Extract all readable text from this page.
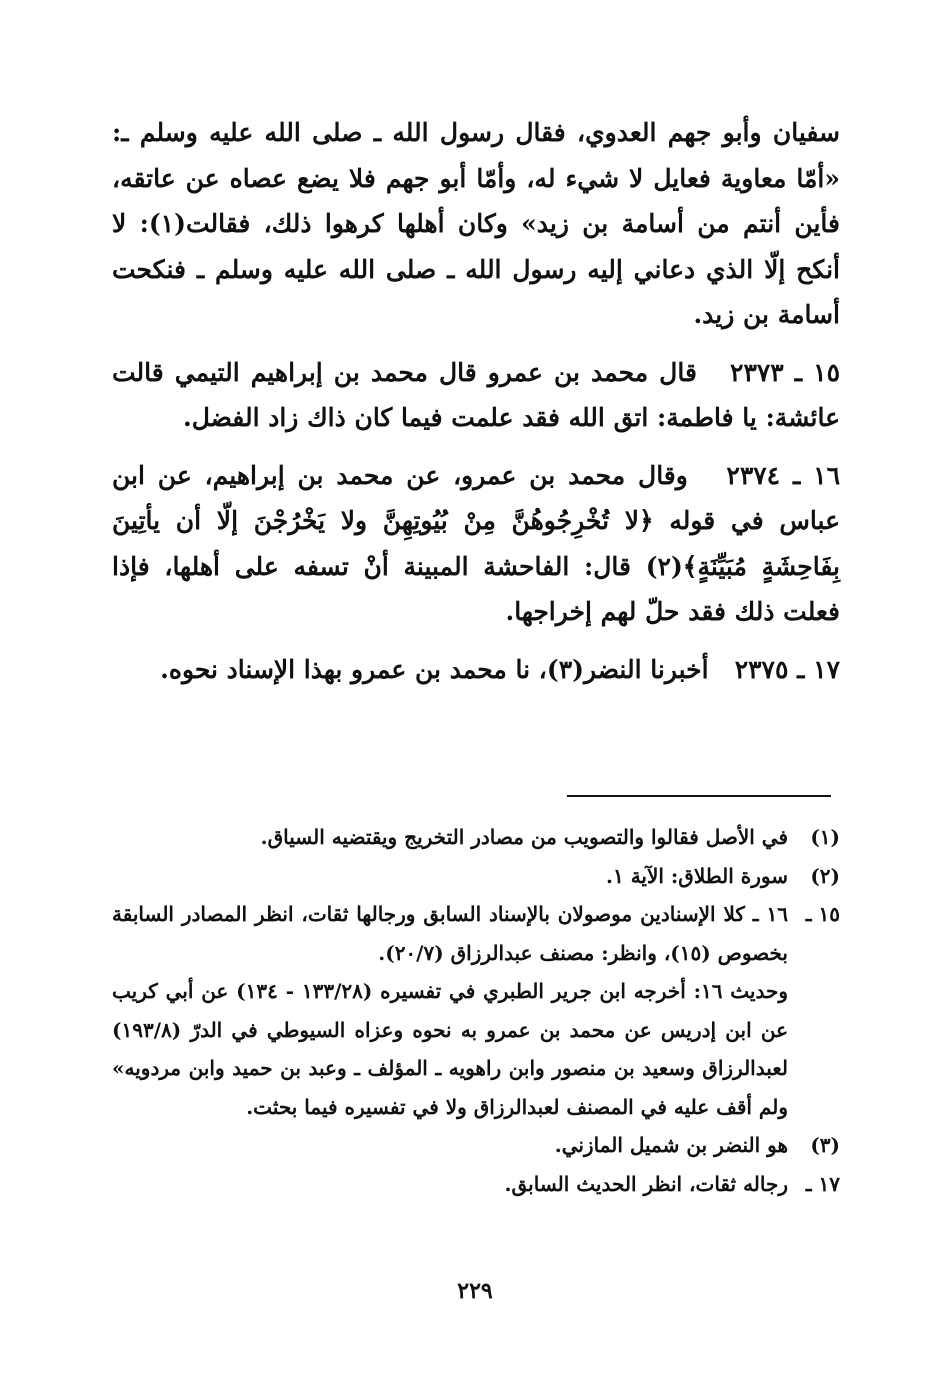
سفيان وأبو جهم العدوي، فقال رسول الله ـ صلى الله عليه وسلم ـ: «أمّا معاوية فعايل لا شيء له، وأمّا أبو جهم فلا يضع عصاه عن عاتقه، فأين أنتم من أسامة بن زيد» وكان أهلها كرهوا ذلك، فقالت(١): لا أنكح إلّا الذي دعاني إليه رسول الله ـ صلى الله عليه وسلم ـ فنكحت أسامة بن زيد.

١٥ ـ ٢٣٧٣   قال محمد بن عمرو قال محمد بن إبراهيم التيمي قالت عائشة: يا فاطمة: اتق الله فقد علمت فيما كان ذاك زاد الفضل.

١٦ ـ ٢٣٧٤   وقال محمد بن عمرو، عن محمد بن إبراهيم، عن ابن عباس في قوله ﴿لا تُخْرِجُوهُنَّ مِنْ بُيُوتِهِنَّ ولا يَخْرُجْنَ إلّا أن يأتِينَ بِفَاحِشَةٍ مُبَيِّنَةٍ﴾(٢) قال: الفاحشة المبينة أنْ تسفه على أهلها، فإذا فعلت ذلك فقد حلّ لهم إخراجها.

١٧ ـ ٢٣٧٥   أخبرنا النضر(٣)، نا محمد بن عمرو بهذا الإسناد نحوه.

(١)

في الأصل فقالوا والتصويب من مصادر التخريج ويقتضيه السياق.

(٢)

سورة الطلاق: الآية ١.

١٥ ـ

١٦ ـ كلا الإسنادين موصولان بالإسناد السابق ورجالها ثقات، انظر المصادر السابقة بخصوص (١٥)، وانظر: مصنف عبدالرزاق (٢٠/٧).

وحديث ١٦: أخرجه ابن جرير الطبري في تفسيره (١٣٣/٢٨ - ١٣٤) عن أبي كريب عن ابن إدريس عن محمد بن عمرو به نحوه وعزاه السيوطي في الدرّ (١٩٣/٨) لعبدالرزاق وسعيد بن منصور وابن راهويه ـ المؤلف ـ وعبد بن حميد وابن مردويه» ولم أقف عليه في المصنف لعبدالرزاق ولا في تفسيره فيما بحثت.

(٣)

هو النضر بن شميل المازني.

١٧ ـ

رجاله ثقات، انظر الحديث السابق.

٢٢٩
